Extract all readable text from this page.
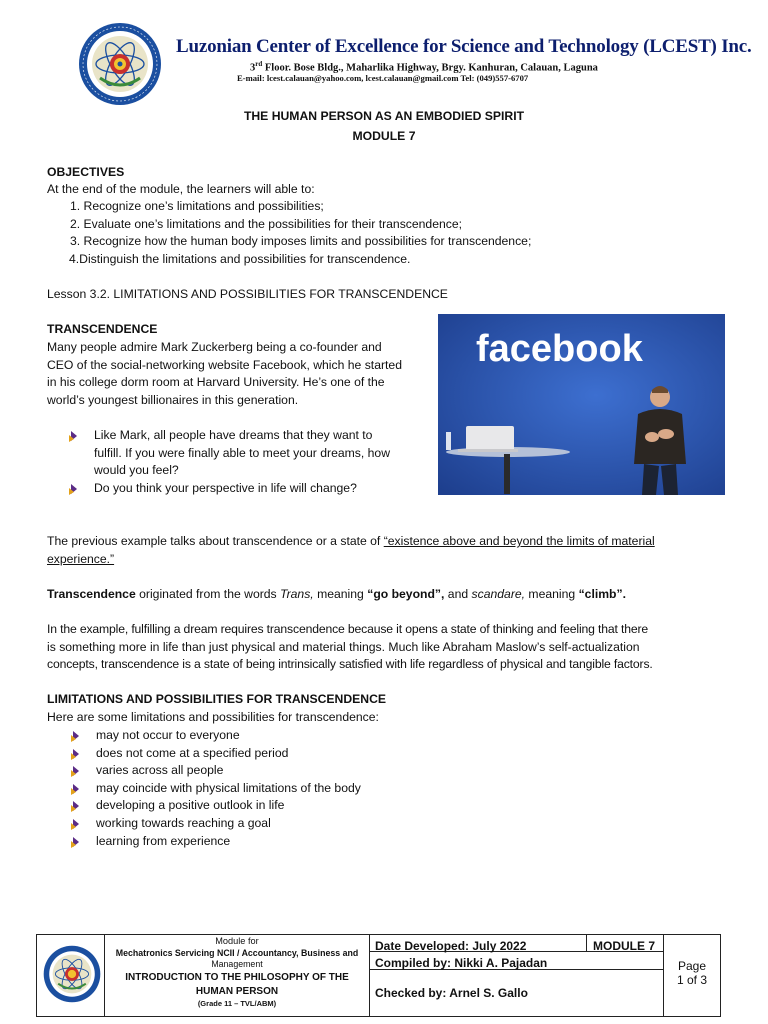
Luzonian Center of Excellence for Science and Technology (LCEST) Inc.
3rd Floor. Bose Bldg., Maharlika Highway, Brgy. Kanhuran, Calauan, Laguna
E-mail: lcest.calauan@yahoo.com, lcest.calauan@gmail.com Tel: (049)557-6707
THE HUMAN PERSON AS AN EMBODIED SPIRIT
MODULE 7
OBJECTIVES
At the end of the module, the learners will able to:
1. Recognize one’s limitations and possibilities;
2. Evaluate one’s limitations and the possibilities for their transcendence;
3. Recognize how the human body imposes limits and possibilities for transcendence;
4.Distinguish the limitations and possibilities for transcendence.
Lesson 3.2. LIMITATIONS AND POSSIBILITIES FOR TRANSCENDENCE
TRANSCENDENCE
Many people admire Mark Zuckerberg being a co-founder and
CEO of the social-networking website Facebook, which he started
in his college dorm room at Harvard University. He’s one of the
world’s youngest billionaires in this generation.
Like Mark, all people have dreams that they want to
fulfill. If you were finally able to meet your dreams, how
would you feel?
Do you think your perspective in life will change?
facebook
The previous example talks about transcendence or a state of “existence above and beyond the limits of material
experience.”
Transcendence originated from the words Trans, meaning “go beyond”, and scandare, meaning “climb”.
In the example, fulfilling a dream requires transcendence because it opens a state of thinking and feeling that there
is something more in life than just physical and material things. Much like Abraham Maslow’s self-actualization
concepts, transcendence is a state of being intrinsically satisfied with life regardless of physical and tangible factors.
LIMITATIONS AND POSSIBILITIES FOR TRANSCENDENCE
Here are some limitations and possibilities for transcendence:
may not occur to everyone
does not come at a specified period
varies across all people
may coincide with physical limitations of the body
developing a positive outlook in life
working towards reaching a goal
learning from experience
Module for
Mechatronics Servicing NCII / Accountancy, Business and
Management
INTRODUCTION TO THE PHILOSOPHY OF THE
HUMAN PERSON
(Grade 11 – TVL/ABM)
Date Developed: July 2022	MODULE 7
Compiled by: Nikki A. Pajadan
Checked by: Arnel S. Gallo
Page
1 of 3
